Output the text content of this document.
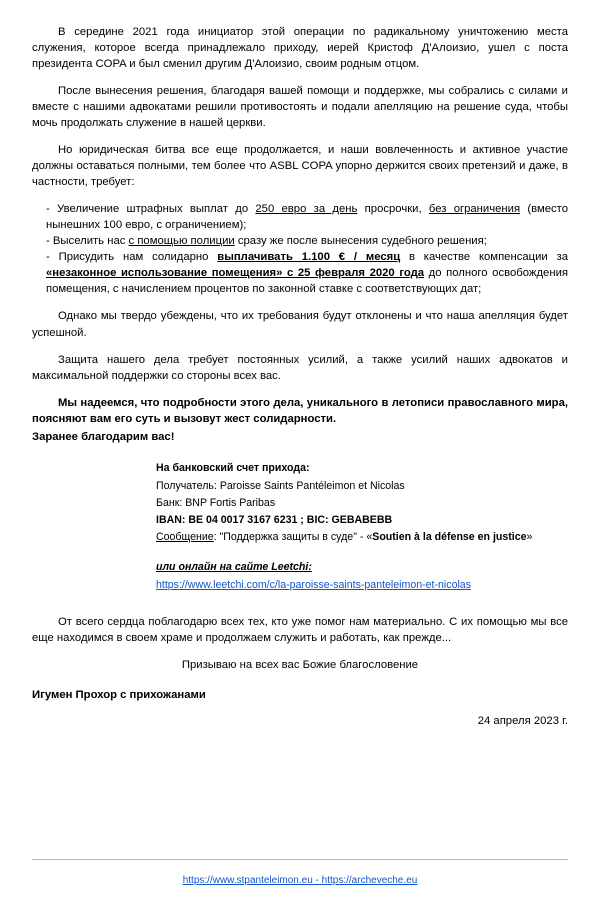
В середине 2021 года инициатор этой операции по радикальному уничтожению места служения, которое всегда принадлежало приходу, иерей Кристоф Д'Алоизио, ушел с поста президента COPA и был сменил другим Д'Алоизио, своим родным отцом.

После вынесения решения, благодаря вашей помощи и поддержке, мы собрались с силами и вместе с нашими адвокатами решили противостоять и подали апелляцию на решение суда, чтобы мочь продолжать служение в нашей церкви.

Но юридическая битва все еще продолжается, и наши вовлеченность и активное участие должны оставаться полными, тем более что ASBL COPA упорно держится своих претензий и даже, в частности, требует:

- Увеличение штрафных выплат до 250 евро за день просрочки, без ограничения (вместо нынешних 100 евро, с ограничением);
- Выселить нас с помощью полиции сразу же после вынесения судебного решения;
- Присудить нам солидарно выплачивать 1.100 € / месяц в качестве компенсации за «незаконное использование помещения» с 25 февраля 2020 года до полного освобождения помещения, с начислением процентов по законной ставке с соответствующих дат;

Однако мы твердо убеждены, что их требования будут отклонены и что наша апелляция будет успешной.

Защита нашего дела требует постоянных усилий, а также усилий наших адвокатов и максимальной поддержки со стороны всех вас.

Мы надеемся, что подробности этого дела, уникального в летописи православного мира, поясняют вам его суть и вызовут жест солидарности.

Заранее благодарим вас!

На банковский счет прихода:
Получатель: Paroisse Saints Pantéleimon et Nicolas
Банк: BNP Fortis Paribas
IBAN: BE 04 0017 3167 6231 ; BIC: GEBABEBB
Сообщение: "Поддержка защиты в суде" - «Soutien à la défense en justice»
или онлайн на сайте Leetchi:
https://www.leetchi.com/c/la-paroisse-saints-panteleimon-et-nicolas

От всего сердца поблагодарю всех тех, кто уже помог нам материально. С их помощью мы все еще находимся в своем храме и продолжаем служить и работать, как прежде...

Призываю на всех вас Божие благословение
Игумен Прохор с прихожанами
24 апреля 2023 г.
https://www.stpanteleimon.eu - https://archeveche.eu
